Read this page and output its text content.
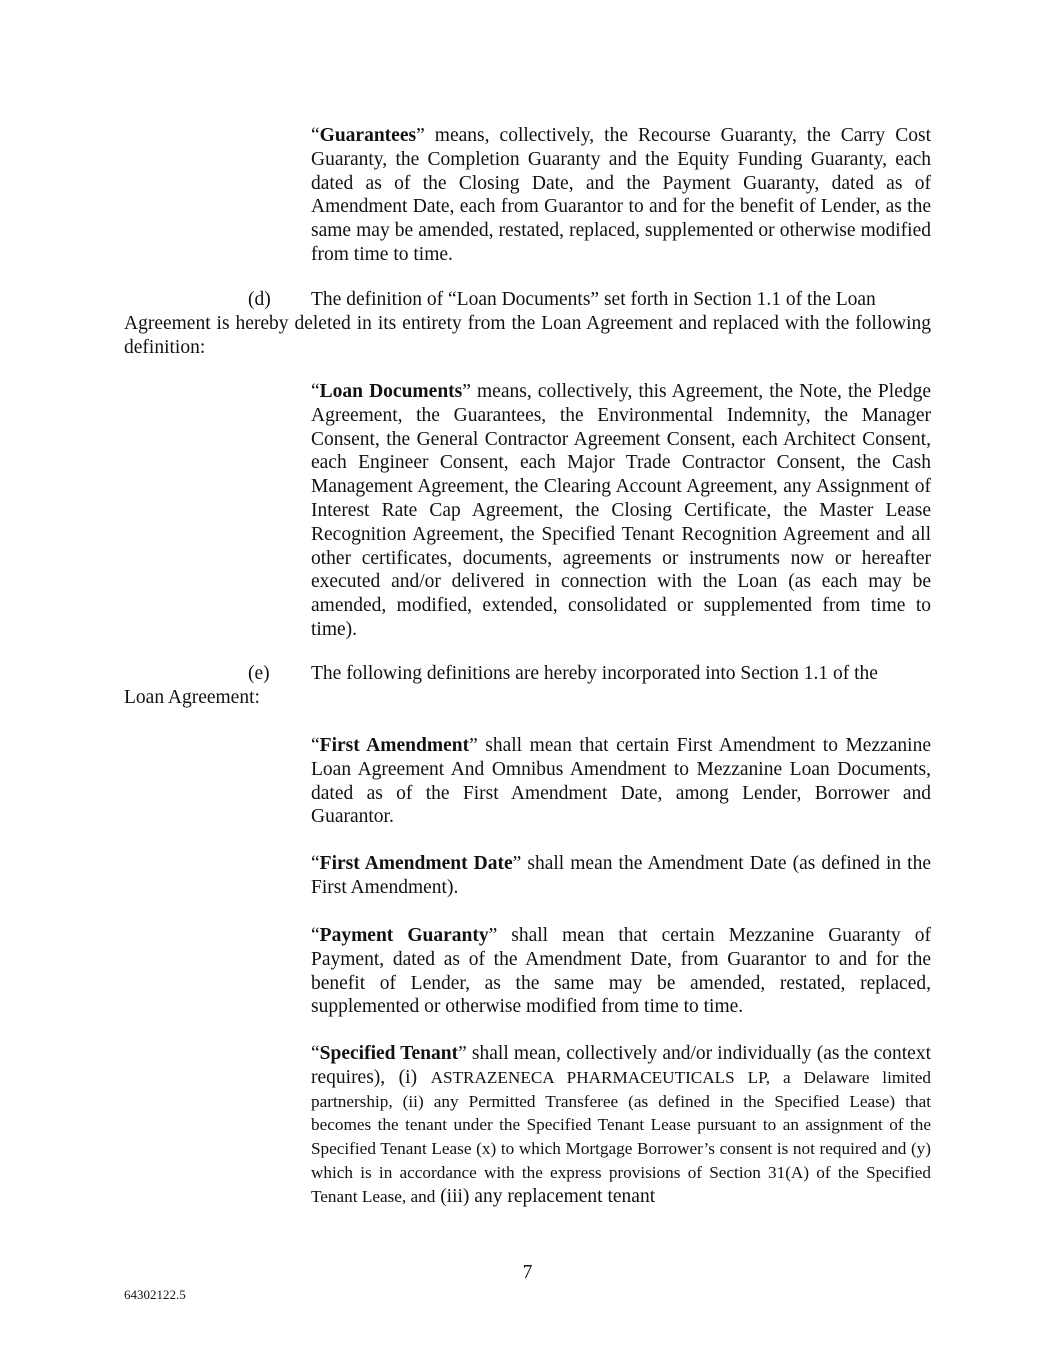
“Guarantees” means, collectively, the Recourse Guaranty, the Carry Cost Guaranty, the Completion Guaranty and the Equity Funding Guaranty, each dated as of the Closing Date, and the Payment Guaranty, dated as of Amendment Date, each from Guarantor to and for the benefit of Lender, as the same may be amended, restated, replaced, supplemented or otherwise modified from time to time.
(d)	The definition of “Loan Documents” set forth in Section 1.1 of the Loan
Agreement is hereby deleted in its entirety from the Loan Agreement and replaced with the following definition:
“Loan Documents” means, collectively, this Agreement, the Note, the Pledge Agreement, the Guarantees, the Environmental Indemnity, the Manager Consent, the General Contractor Agreement Consent, each Architect Consent, each Engineer Consent, each Major Trade Contractor Consent, the Cash Management Agreement, the Clearing Account Agreement, any Assignment of Interest Rate Cap Agreement, the Closing Certificate, the Master Lease Recognition Agreement, the Specified Tenant Recognition Agreement and all other certificates, documents, agreements or instruments now or hereafter executed and/or delivered in connection with the Loan (as each may be amended, modified, extended, consolidated or supplemented from time to time).
(e)	The following definitions are hereby incorporated into Section 1.1 of the
Loan Agreement:
“First Amendment” shall mean that certain First Amendment to Mezzanine Loan Agreement And Omnibus Amendment to Mezzanine Loan Documents, dated as of the First Amendment Date, among Lender, Borrower and Guarantor.
“First Amendment Date” shall mean the Amendment Date (as defined in the First Amendment).
“Payment Guaranty” shall mean that certain Mezzanine Guaranty of Payment, dated as of the Amendment Date, from Guarantor to and for the benefit of Lender, as the same may be amended, restated, replaced, supplemented or otherwise modified from time to time.
“Specified Tenant” shall mean, collectively and/or individually (as the context requires), (i) ASTRAZENECA PHARMACEUTICALS LP, a Delaware limited partnership, (ii) any Permitted Transferee (as defined in the Specified Lease) that becomes the tenant under the Specified Tenant Lease pursuant to an assignment of the Specified Tenant Lease (x) to which Mortgage Borrower’s consent is not required and (y) which is in accordance with the express provisions of Section 31(A) of the Specified Tenant Lease, and (iii) any replacement tenant
7
64302122.5
· · · · ·
